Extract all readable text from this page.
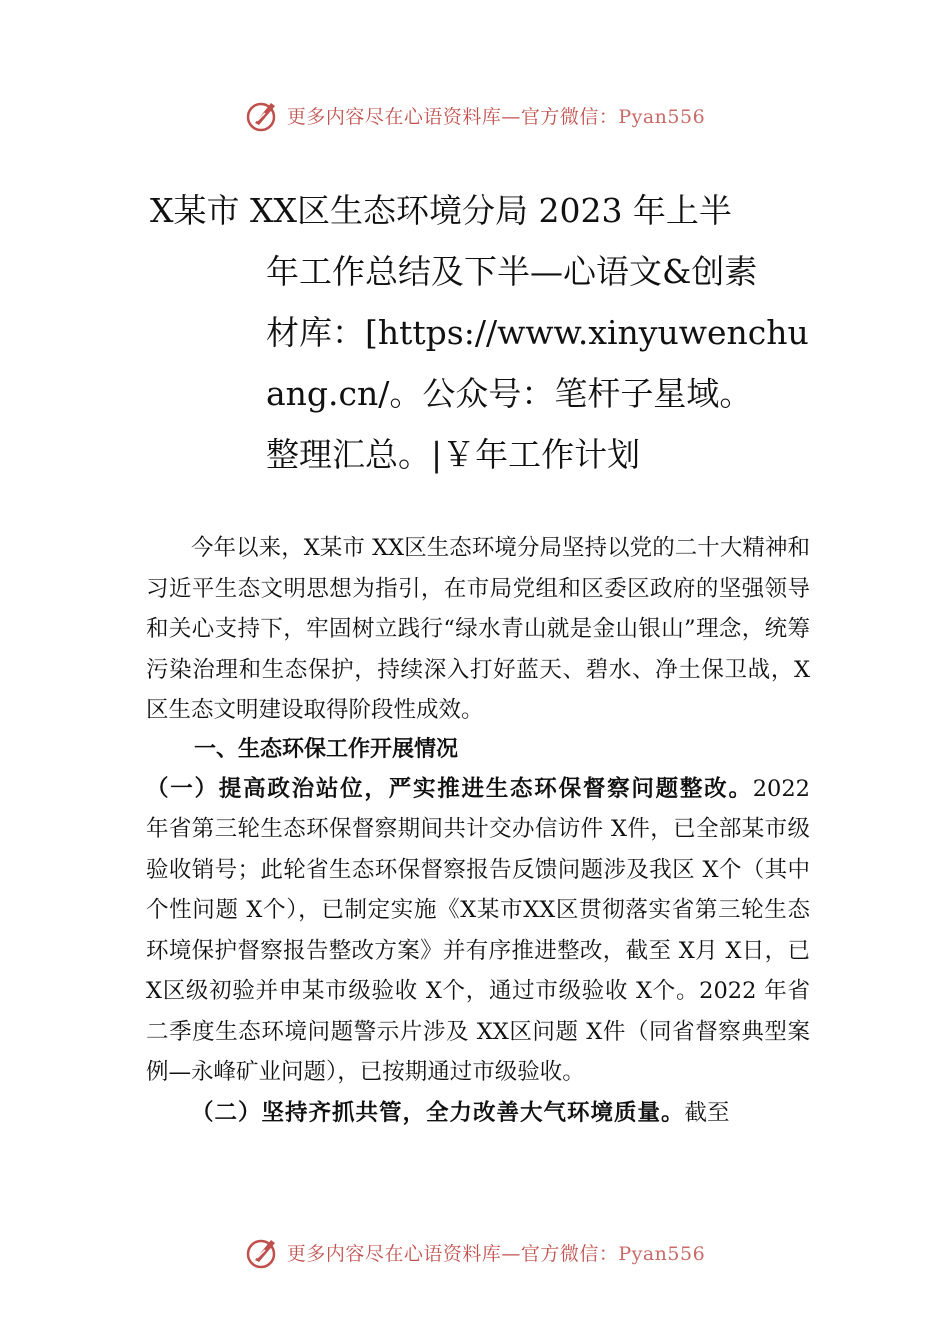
更多内容尽在心语资料库—官方微信：Pyan556
X某市 XX区生态环境分局 2023 年上半
年工作总结及下半—心语文&创素
材库：[https://www.xinyuwenchu
ang.cn/。公众号：笔杆子星域。
整理汇总。|￥年工作计划

今年以来，X某市 XX区生态环境分局坚持以党的二十大精神和习近平生态文明思想为指引，在市局党组和区委区政府的坚强领导和关心支持下，牢固树立践行“绿水青山就是金山银山”理念，统筹污染治理和生态保护，持续深入打好蓝天、碧水、净土保卫战，X区生态文明建设取得阶段性成效。

一、生态环保工作开展情况

（一）提高政治站位，严实推进生态环保督察问题整改。2022 年省第三轮生态环保督察期间共计交办信访件 X件，已全部某市级验收销号；此轮省生态环保督察报告反馈问题涉及我区 X个（其中个性问题 X个），已制定实施《X某市XX区贯彻落实省第三轮生态环境保护督察报告整改方案》并有序推进整改，截至 X月 X日，已X区级初验并申某市级验收 X个，通过市级验收 X个。2022 年省二季度生态环境问题警示片涉及 XX区问题 X件（同省督察典型案例—永峰矿业问题），已按期通过市级验收。

（二）坚持齐抓共管，全力改善大气环境质量。截至

更多内容尽在心语资料库—官方微信：Pyan556
